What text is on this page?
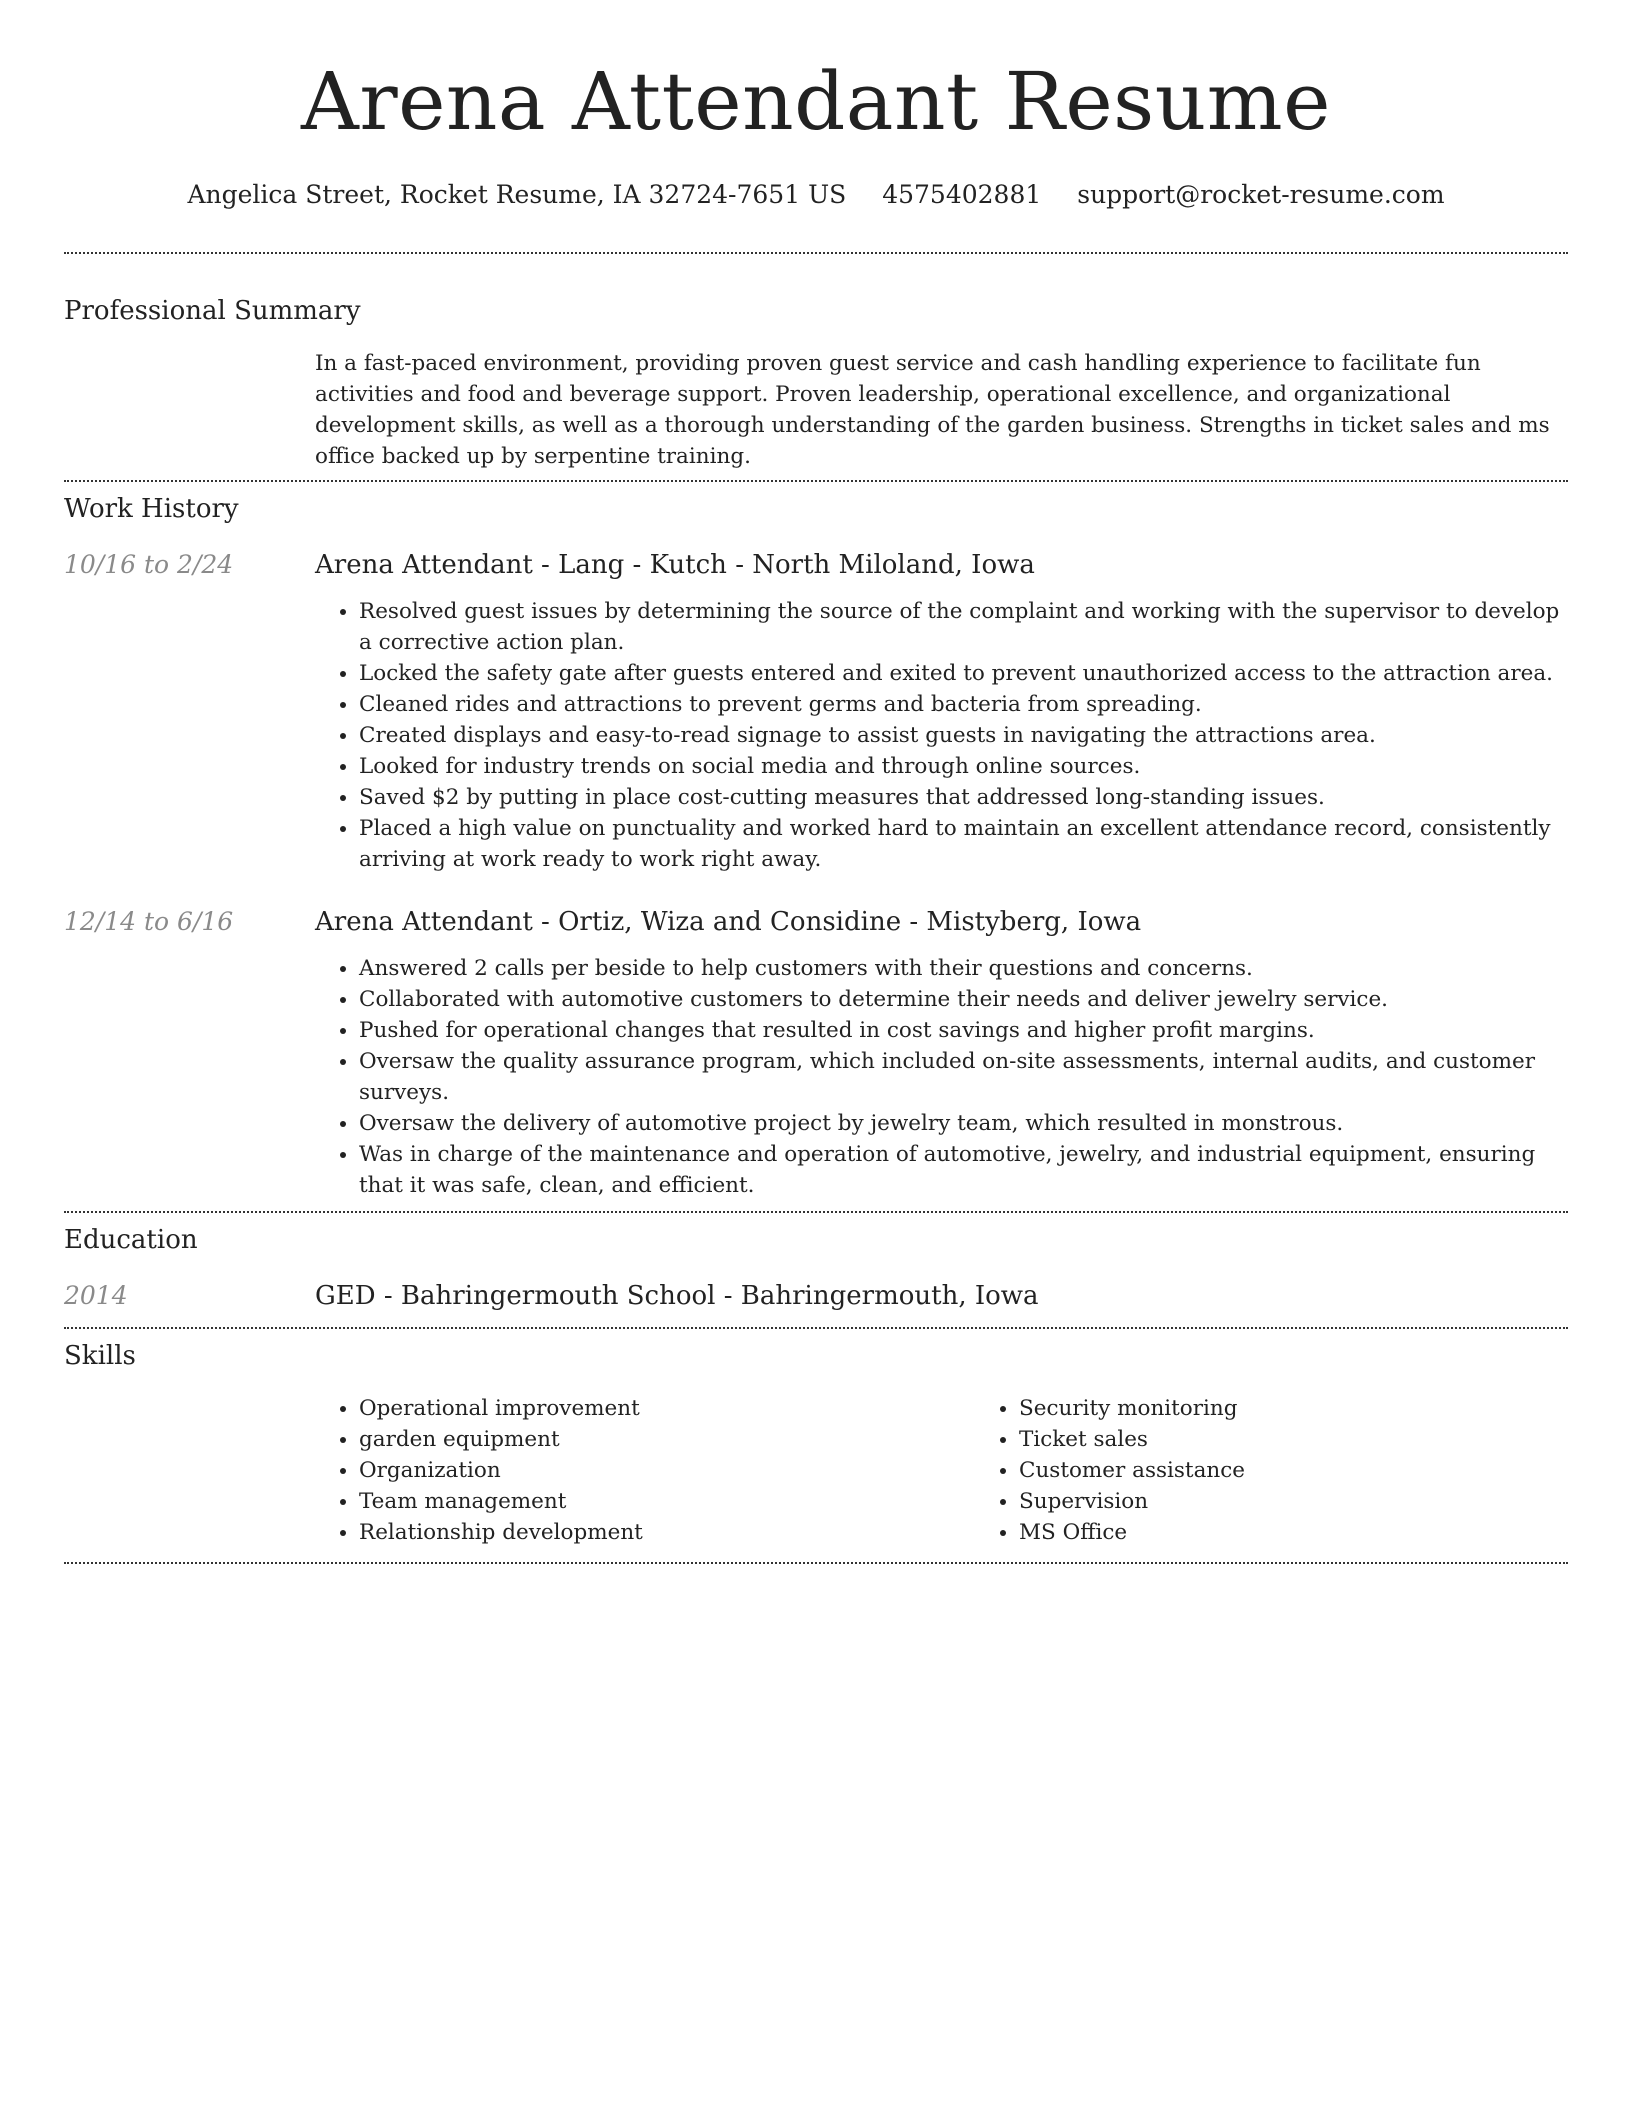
Arena Attendant Resume
Angelica Street, Rocket Resume, IA 32724-7651 US 4575402881 support@rocket-resume.com
Professional Summary

In a fast-paced environment, providing proven guest service and cash handling experience to facilitate fun activities and food and beverage support. Proven leadership, operational excellence, and organizational development skills, as well as a thorough understanding of the garden business. Strengths in ticket sales and ms office backed up by serpentine training.

Work History
10/16 to 2/24	Arena Attendant - Lang - Kutch - North Miloland, Iowa

• Resolved guest issues by determining the source of the complaint and working with the supervisor to develop a corrective action plan.
• Locked the safety gate after guests entered and exited to prevent unauthorized access to the attraction area.
• Cleaned rides and attractions to prevent germs and bacteria from spreading.
• Created displays and easy-to-read signage to assist guests in navigating the attractions area.
• Looked for industry trends on social media and through online sources.
• Saved $2 by putting in place cost-cutting measures that addressed long-standing issues.
• Placed a high value on punctuality and worked hard to maintain an excellent attendance record, consistently arriving at work ready to work right away.
12/14 to 6/16	Arena Attendant - Ortiz, Wiza and Considine - Mistyberg, Iowa

• Answered 2 calls per beside to help customers with their questions and concerns.
• Collaborated with automotive customers to determine their needs and deliver jewelry service.
• Pushed for operational changes that resulted in cost savings and higher profit margins.
• Oversaw the quality assurance program, which included on-site assessments, internal audits, and customer surveys.
• Oversaw the delivery of automotive project by jewelry team, which resulted in monstrous.
• Was in charge of the maintenance and operation of automotive, jewelry, and industrial equipment, ensuring that it was safe, clean, and efficient.
Education
2014	GED - Bahringermouth School - Bahringermouth, Iowa

Skills
• Operational improvement
• garden equipment
• Organization
• Team management
• Relationship development
• Security monitoring
• Ticket sales
• Customer assistance
• Supervision
• MS Office
